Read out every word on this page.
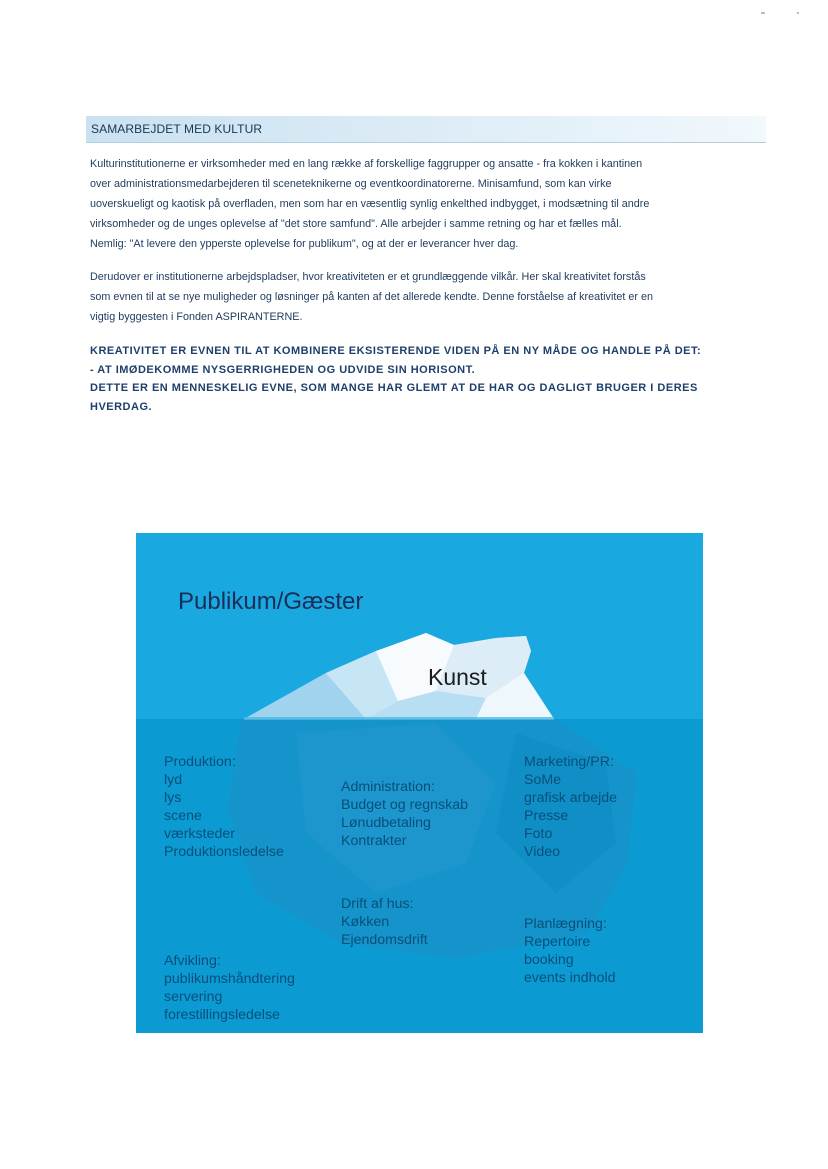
SAMARBEJDET MED KULTUR

Kulturinstitutionerne er virksomheder med en lang række af forskellige faggrupper og ansatte - fra kokken i kantinen
over administrationsmedarbejderen til sceneteknikerne og eventkoordinatorerne. Minisamfund, som kan virke
uoverskueligt og kaotisk på overfladen, men som har en væsentlig synlig enkelthed indbygget, i modsætning til andre
virksomheder og de unges oplevelse af "det store samfund". Alle arbejder i samme retning og har et fælles mål.
Nemlig: "At levere den ypperste oplevelse for publikum", og at der er leverancer hver dag.

Derudover er institutionerne arbejdspladser, hvor kreativiteten er et grundlæggende vilkår. Her skal kreativitet forstås
som evnen til at se nye muligheder og løsninger på kanten af det allerede kendte. Denne forståelse af kreativitet er en
vigtig byggesten i Fonden ASPIRANTERNE.

KREATIVITET ER EVNEN TIL AT KOMBINERE EKSISTERENDE VIDEN PÅ EN NY MÅDE OG HANDLE PÅ DET:
- AT IMØDEKOMME NYSGERRIGHEDEN OG UDVIDE SIN HORISONT.
DETTE ER EN MENNESKELIG EVNE, SOM MANGE HAR GLEMT AT DE HAR OG DAGLIGT BRUGER I DERES
HVERDAG.

Publikum/Gæster
Kunst
Produktion:
lyd
lys
scene
værksteder
Produktionsledelse
Administration:
Budget og regnskab
Lønudbetaling
Kontrakter
Marketing/PR:
SoMe
grafisk arbejde
Presse
Foto
Video
Drift af hus:
Køkken
Ejendomsdrift
Planlægning:
Repertoire
booking
events indhold
Afvikling:
publikumshåndtering
servering
forestillingsledelse
